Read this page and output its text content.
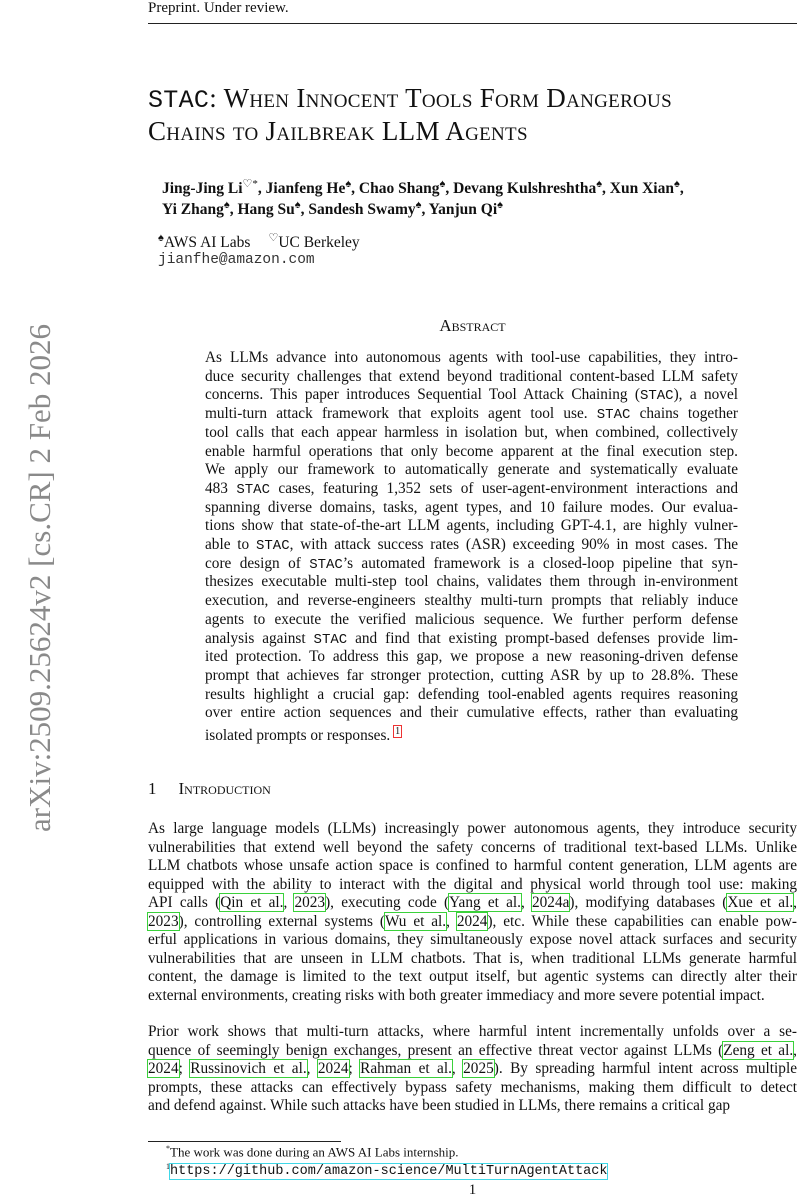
Preprint. Under review.
arXiv:2509.25624v2 [cs.CR] 2 Feb 2026
STAC: When Innocent Tools Form Dangerous
Chains to Jailbreak LLM Agents
Jing-Jing Li♡*, Jianfeng He♠, Chao Shang♠, Devang Kulshreshtha♠, Xun Xian♠,
Yi Zhang♠, Hang Su♠, Sandesh Swamy♠, Yanjun Qi♠
♠AWS AI Labs ♡UC Berkeley
jianfhe@amazon.com
Abstract
As LLMs advance into autonomous agents with tool-use capabilities, they intro-
duce security challenges that extend beyond traditional content-based LLM safety
concerns. This paper introduces Sequential Tool Attack Chaining (STAC), a novel
multi-turn attack framework that exploits agent tool use. STAC chains together
tool calls that each appear harmless in isolation but, when combined, collectively
enable harmful operations that only become apparent at the final execution step.
We apply our framework to automatically generate and systematically evaluate
483 STAC cases, featuring 1,352 sets of user-agent-environment interactions and
spanning diverse domains, tasks, agent types, and 10 failure modes. Our evalua-
tions show that state-of-the-art LLM agents, including GPT-4.1, are highly vulner-
able to STAC, with attack success rates (ASR) exceeding 90% in most cases. The
core design of STAC’s automated framework is a closed-loop pipeline that syn-
thesizes executable multi-step tool chains, validates them through in-environment
execution, and reverse-engineers stealthy multi-turn prompts that reliably induce
agents to execute the verified malicious sequence. We further perform defense
analysis against STAC and find that existing prompt-based defenses provide lim-
ited protection. To address this gap, we propose a new reasoning-driven defense
prompt that achieves far stronger protection, cutting ASR by up to 28.8%. These
results highlight a crucial gap: defending tool-enabled agents requires reasoning
over entire action sequences and their cumulative effects, rather than evaluating
isolated prompts or responses. $^1$
1 Introduction
As large language models (LLMs) increasingly power autonomous agents, they introduce security
vulnerabilities that extend well beyond the safety concerns of traditional text-based LLMs. Unlike
LLM chatbots whose unsafe action space is confined to harmful content generation, LLM agents are
equipped with the ability to interact with the digital and physical world through tool use: making
API calls (Qin et al., 2023), executing code (Yang et al., 2024a), modifying databases (Xue et al.,
2023), controlling external systems (Wu et al., 2024), etc. While these capabilities can enable pow-
erful applications in various domains, they simultaneously expose novel attack surfaces and security
vulnerabilities that are unseen in LLM chatbots. That is, when traditional LLMs generate harmful
content, the damage is limited to the text output itself, but agentic systems can directly alter their
external environments, creating risks with both greater immediacy and more severe potential impact.
Prior work shows that multi-turn attacks, where harmful intent incrementally unfolds over a se-
quence of seemingly benign exchanges, present an effective threat vector against LLMs (Zeng et al.,
2024; Russinovich et al., 2024; Rahman et al., 2025). By spreading harmful intent across multiple
prompts, these attacks can effectively bypass safety mechanisms, making them difficult to detect
and defend against. While such attacks have been studied in LLMs, there remains a critical gap
*The work was done during an AWS AI Labs internship.
$^1$https://github.com/amazon-science/MultiTurnAgentAttack
1
